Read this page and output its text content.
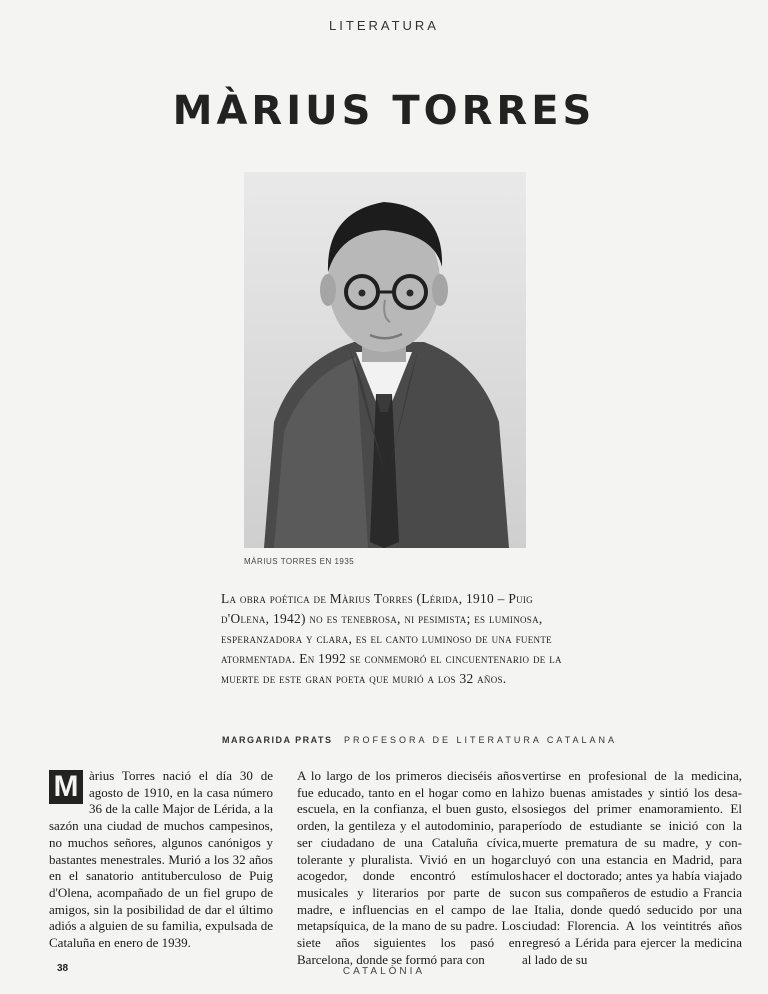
LITERATURA
MÀRIUS TORRES
MÀRIUS TORRES EN 1935
La obra poética de Màrius Torres (Lérida, 1910 – Puig d'Olena, 1942) no es tenebrosa, ni pesimista; es luminosa, esperanzadora y clara, es el canto luminoso de una fuente atormentada. En 1992 se conmemoró el cincuentenario de la muerte de este gran poeta que murió a los 32 años.
MARGARIDA PRATS PROFESORA DE LITERATURA CATALANA
M àrius Torres nació el día 30 de agosto de 1910, en la casa número 36 de la calle Major de Lérida, a la sazón una ciudad de muchos campesinos, no muchos señores, algunos canónigos y bastantes menestrales. Murió a los 32 años en el sanatorio antituberculoso de Puig d'Olena, acompañado de un fiel grupo de amigos, sin la posibilidad de dar el último adiós a alguien de su familia, expulsada de Cataluña en enero de 1939.

A lo largo de los primeros dieciséis años fue educado, tanto en el hogar como en la escuela, en la confianza, el buen gusto, el orden, la gentileza y el autodominio, para ser ciudadano de una Cataluña cívica, tolerante y pluralista. Vivió en un hogar acogedor, donde encontró estímulos musicales y literarios por parte de su madre, e influencias en el campo de la metapsíquica, de la mano de su padre. Los siete años siguientes los pasó en Barcelona, donde se formó para con

vertirse en profesional de la medicina, hizo buenas amistades y sintió los desasosiegos del primer enamoramiento. El período de estudiante se inició con la muerte prematura de su madre, y concluyó con una estancia en Madrid, para hacer el doctorado; antes ya había viajado con sus compañeros de estudio a Francia e Italia, donde quedó seducido por una ciudad: Florencia. A los veintitrés años regresó a Lérida para ejercer la medicina al lado de su

38	CATALÒNIA
